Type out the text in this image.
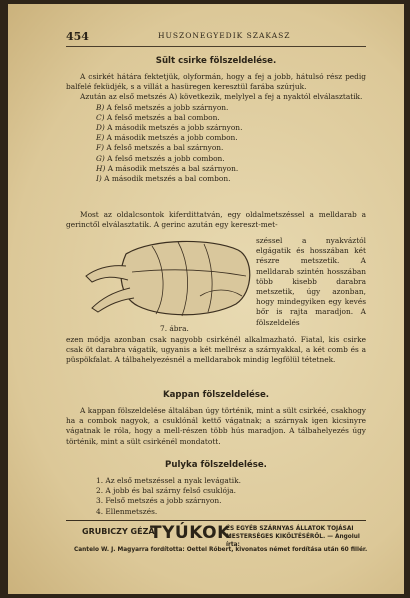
454	HUSZONEGYEDIK SZAKASZ
Sült csirke fölszeldelése.

A csirkét hátára fektetjük, olyformán, hogy a fej a jobb, hátulsó rész pedig balfelé feküdjék, s a villát a hasüregen keresztül farába szúrjuk.

Azután az első metszés A) következik, melylyel a fej a nyaktól elválasztatik.

B) A felső metszés a jobb szárnyon.
C) A felső metszés a bal combon.
D) A második metszés a jobb szárnyon.
E) A második metszés a jobb combon.
F) A felső metszés a bal szárnyon.
G) A felső metszés a jobb combon.
H) A második metszés a bal szárnyon.
I) A második metszés a bal combon.

Most az oldalcsontok kiferdittatván, egy oldalmetszéssel a melldarab a gerinctől elválasztatik. A gerinc azután egy kereszt-met-

7. ábra.
széssel a nyakváztól elgágatik és hosszában két részre metszetik. A melldarab szintén hosszában több kisebb darabra metszetik, úgy azonban, hogy mindegyiken egy kevés bőr is rajta maradjon. A fölszeldelés

ezen módja azonban csak nagyobb csirkénél alkalmazható. Fiatal, kis csirke csak öt darabra vágatik, ugyanis a két mellrész a szárnyakkal, a két comb és a püspökfalat. A tálbahelyezésnél a melldarabok mindig legfölül tétetnek.

Kappan fölszeldelése.

A kappan fölszeldelése általában úgy történik, mint a sült csirkéé, csakhogy ha a combok nagyok, a csuklónál kettő vágatnak; a szárnyak igen kicsinyre vágatnak le róla, hogy a mell-részen több hús maradjon. A tálbahelyezés úgy történik, mint a sült csirkénél mondatott.

Pulyka fölszeldelése.
1. Az első metszéssel a nyak levágatik.
2. A jobb és bal szárny felső csuklója.
3. Felső metszés a jobb szárnyon.
4. Ellenmetszés.
GRUBICZY GÉZA
TYÚKOK
ÉS EGYÉB SZÁRNYAS ÁLLATOK TOJÁSAI MESTERSÉGES KIKÖLTÉSÉRŐL. — Angolul írta:
Cantelo W. J. Magyarra fordította: Oettel Róbert, kivonatos német fordítása után 60 fillér.
